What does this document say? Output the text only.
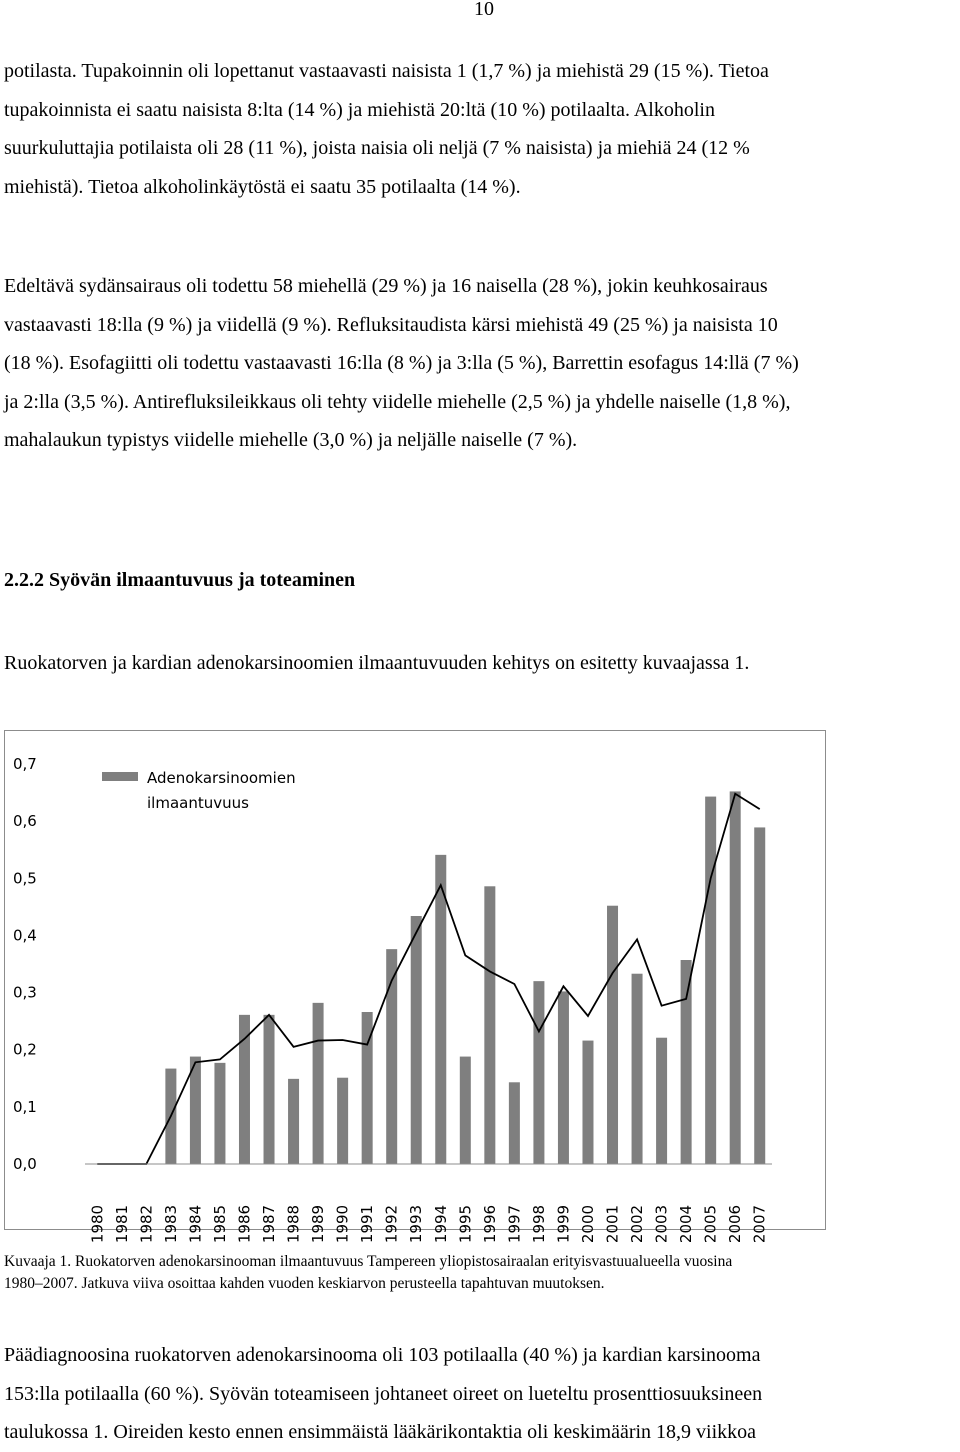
10

potilasta. Tupakoinnin oli lopettanut vastaavasti naisista 1 (1,7 %) ja miehistä 29 (15 %). Tietoa
tupakoinnista ei saatu naisista 8:lta (14 %) ja miehistä 20:ltä (10 %) potilaalta. Alkoholin
suurkuluttajia potilaista oli 28 (11 %), joista naisia oli neljä (7 % naisista) ja miehiä 24 (12 %
miehistä). Tietoa alkoholinkäytöstä ei saatu 35 potilaalta (14 %).

Edeltävä sydänsairaus oli todettu 58 miehellä (29 %) ja 16 naisella (28 %), jokin keuhkosairaus
vastaavasti 18:lla (9 %) ja viidellä (9 %). Refluksitaudista kärsi miehistä 49 (25 %) ja naisista 10
(18 %). Esofagiitti oli todettu vastaavasti 16:lla (8 %) ja 3:lla (5 %), Barrettin esofagus 14:llä (7 %)
ja 2:lla (3,5 %). Antirefluksileikkaus oli tehty viidelle miehelle (2,5 %) ja yhdelle naiselle (1,8 %),
mahalaukun typistys viidelle miehelle (3,0 %) ja neljälle naiselle (7 %).

2.2.2 Syövän ilmaantuvuus ja toteaminen
Ruokatorven ja kardian adenokarsinoomien ilmaantuvuuden kehitys on esitetty kuvaajassa 1.
0,0
0,1
0,2
0,3
0,4
0,5
0,6
0,7
1980 1981 1982 1983 1984 1985 1986 1987 1988 1989 1990 1991 1992 1993 1994 1995 1996 1997 1998 1999 2000 2001 2002 2003 2004 2005 2006 2007
Adenokarsinoomien
ilmaantuvuus
Kuvaaja 1. Ruokatorven adenokarsinooman ilmaantuvuus Tampereen yliopistosairaalan erityisvastuualueella vuosina
1980–2007. Jatkuva viiva osoittaa kahden vuoden keskiarvon perusteella tapahtuvan muutoksen.

Päädiagnoosina ruokatorven adenokarsinooma oli 103 potilaalla (40 %) ja kardian karsinooma
153:lla potilaalla (60 %). Syövän toteamiseen johtaneet oireet on lueteltu prosenttiosuuksineen
taulukossa 1. Oireiden kesto ennen ensimmäistä lääkärikontaktia oli keskimäärin 18,9 viikkoa
